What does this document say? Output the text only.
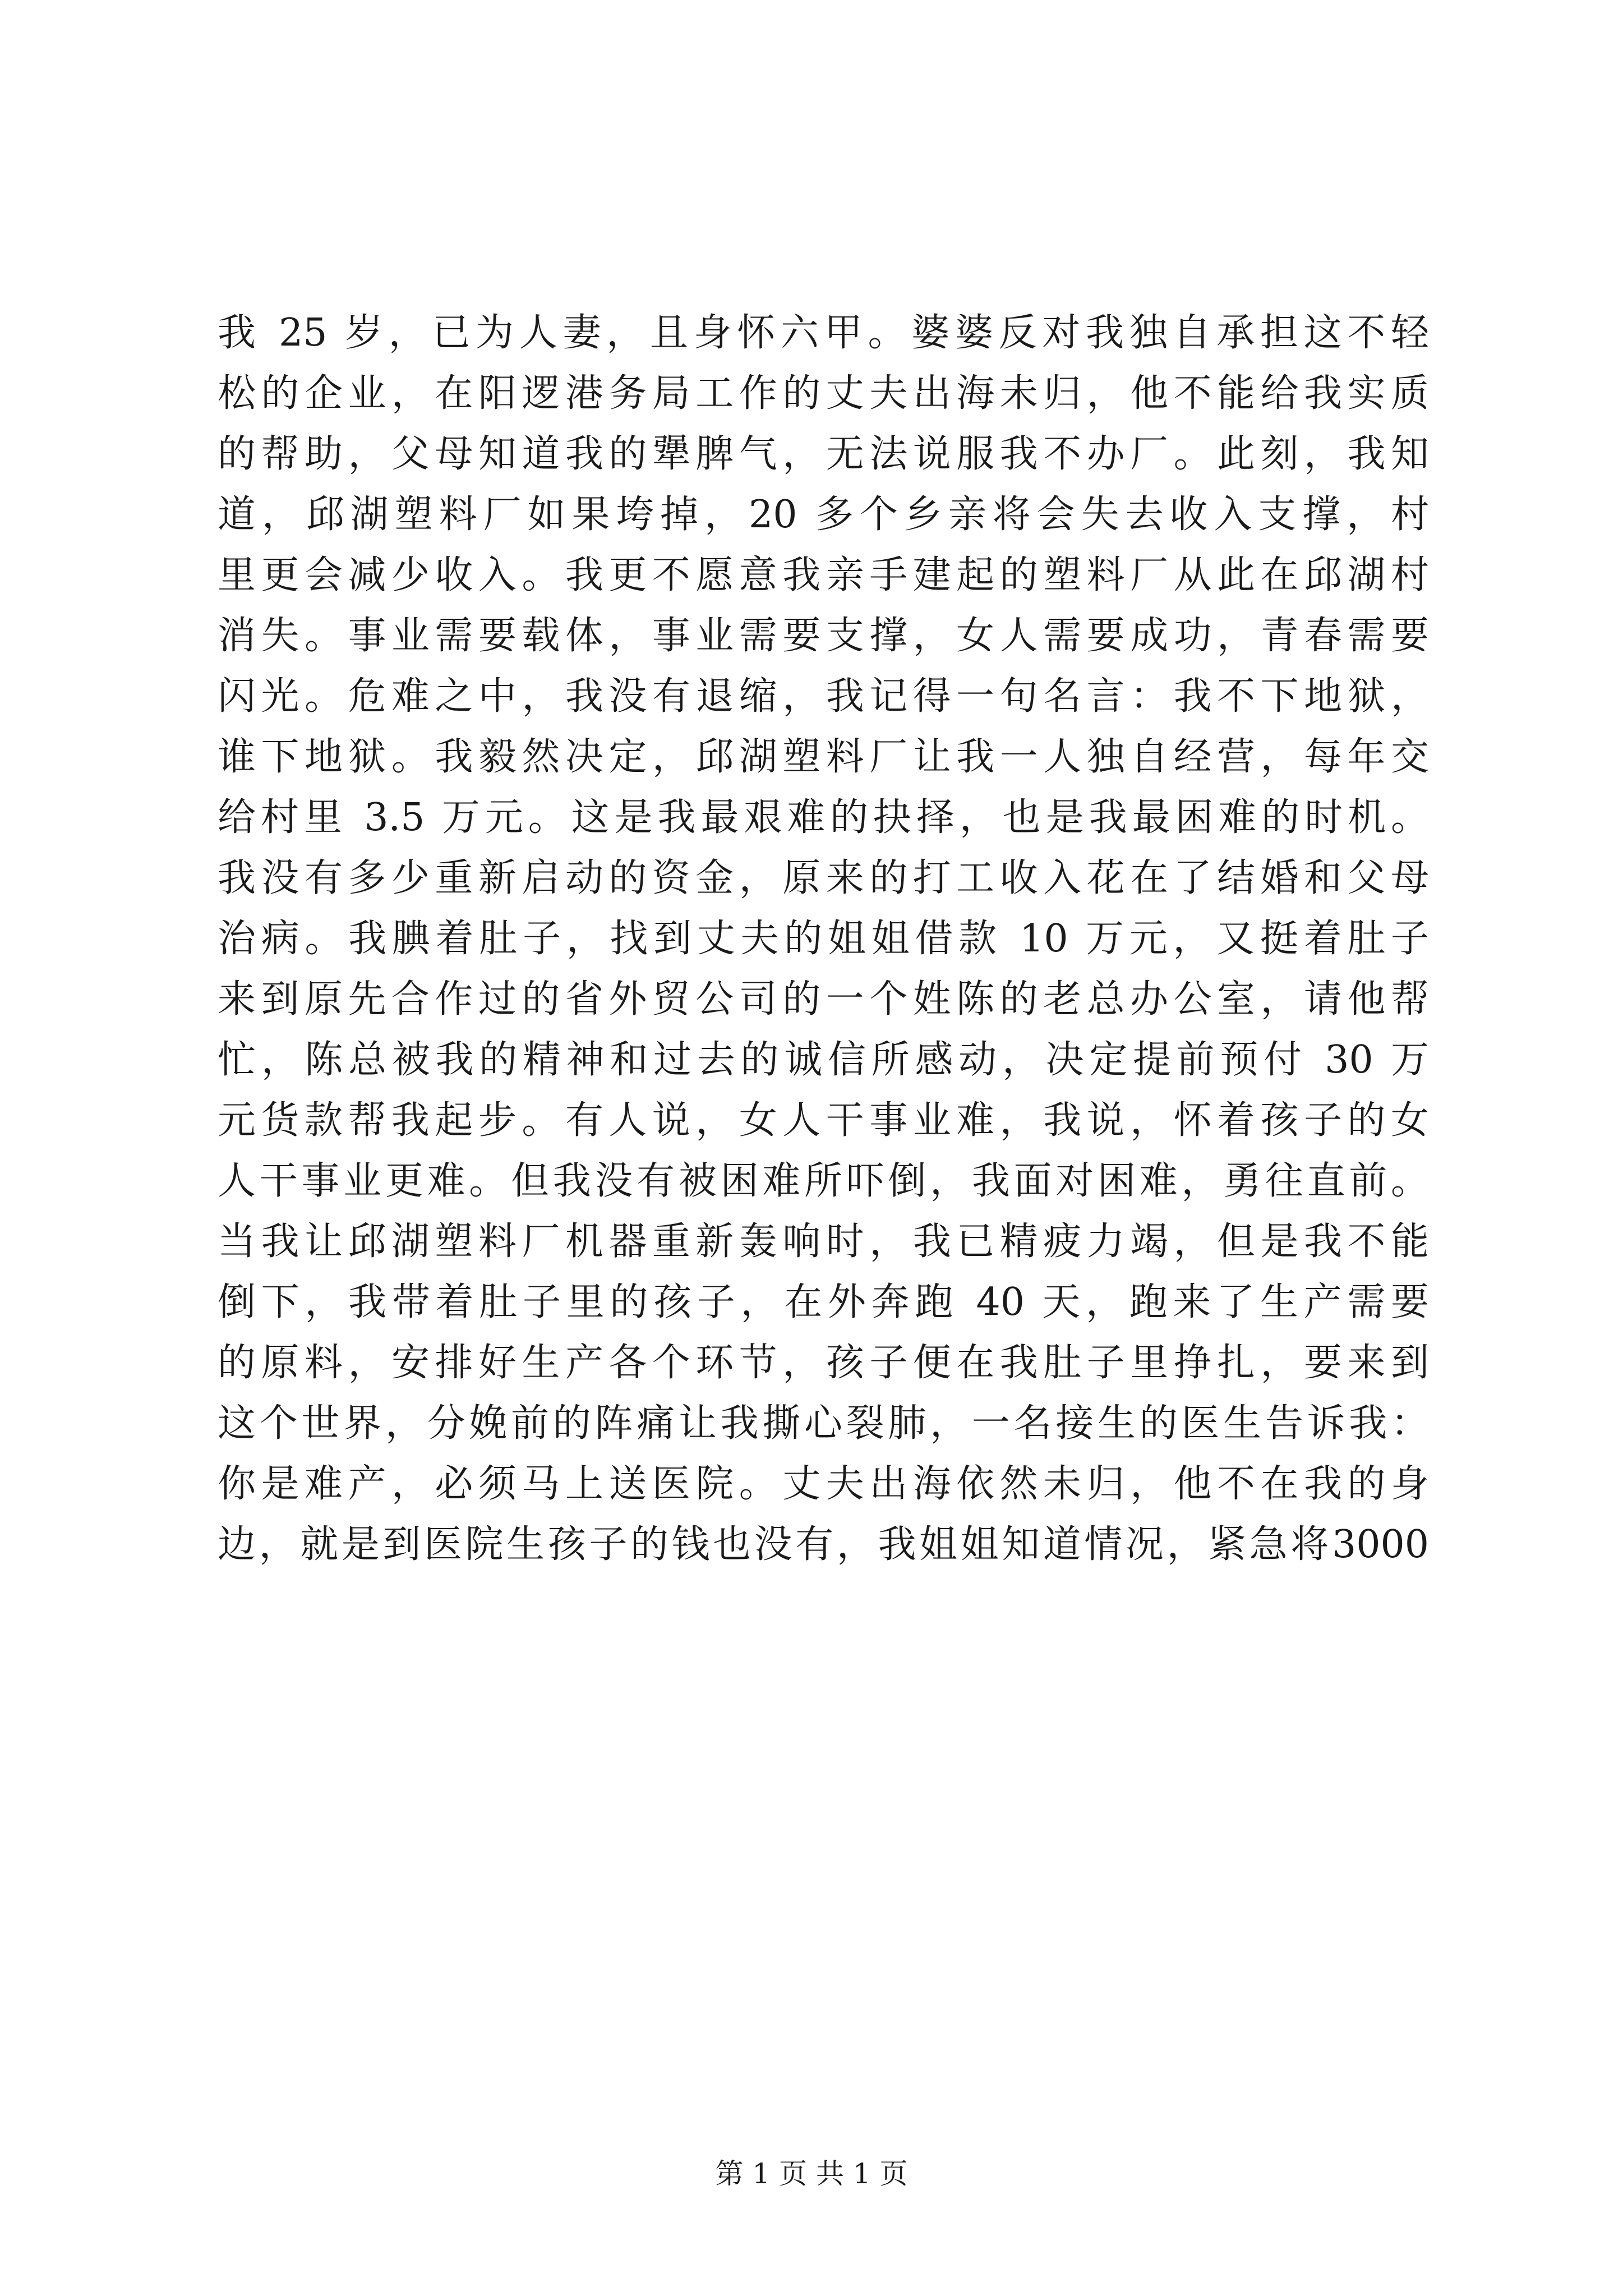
我 25 岁，已为人妻，且身怀六甲。婆婆反对我独自承担这不轻
松的企业，在阳逻港务局工作的丈夫出海未归，他不能给我实质
的帮助，父母知道我的犟脾气，无法说服我不办厂。此刻，我知
道，邱湖塑料厂如果垮掉，20 多个乡亲将会失去收入支撑，村
里更会减少收入。我更不愿意我亲手建起的塑料厂从此在邱湖村
消失。事业需要载体，事业需要支撑，女人需要成功，青春需要
闪光。危难之中，我没有退缩，我记得一句名言：我不下地狱，
谁下地狱。我毅然决定，邱湖塑料厂让我一人独自经营，每年交
给村里 3.5 万元。这是我最艰难的抉择，也是我最困难的时机。
我没有多少重新启动的资金，原来的打工收入花在了结婚和父母
治病。我腆着肚子，找到丈夫的姐姐借款 10 万元，又挺着肚子
来到原先合作过的省外贸公司的一个姓陈的老总办公室，请他帮
忙，陈总被我的精神和过去的诚信所感动，决定提前预付 30 万
元货款帮我起步。有人说，女人干事业难，我说，怀着孩子的女
人干事业更难。但我没有被困难所吓倒，我面对困难，勇往直前。
当我让邱湖塑料厂机器重新轰响时，我已精疲力竭，但是我不能
倒下，我带着肚子里的孩子，在外奔跑 40 天，跑来了生产需要
的原料，安排好生产各个环节，孩子便在我肚子里挣扎，要来到
这个世界，分娩前的阵痛让我撕心裂肺，一名接生的医生告诉我：
你是难产，必须马上送医院。丈夫出海依然未归，他不在我的身
边，就是到医院生孩子的钱也没有，我姐姐知道情况，紧急将3000
第 1 页 共 1 页
